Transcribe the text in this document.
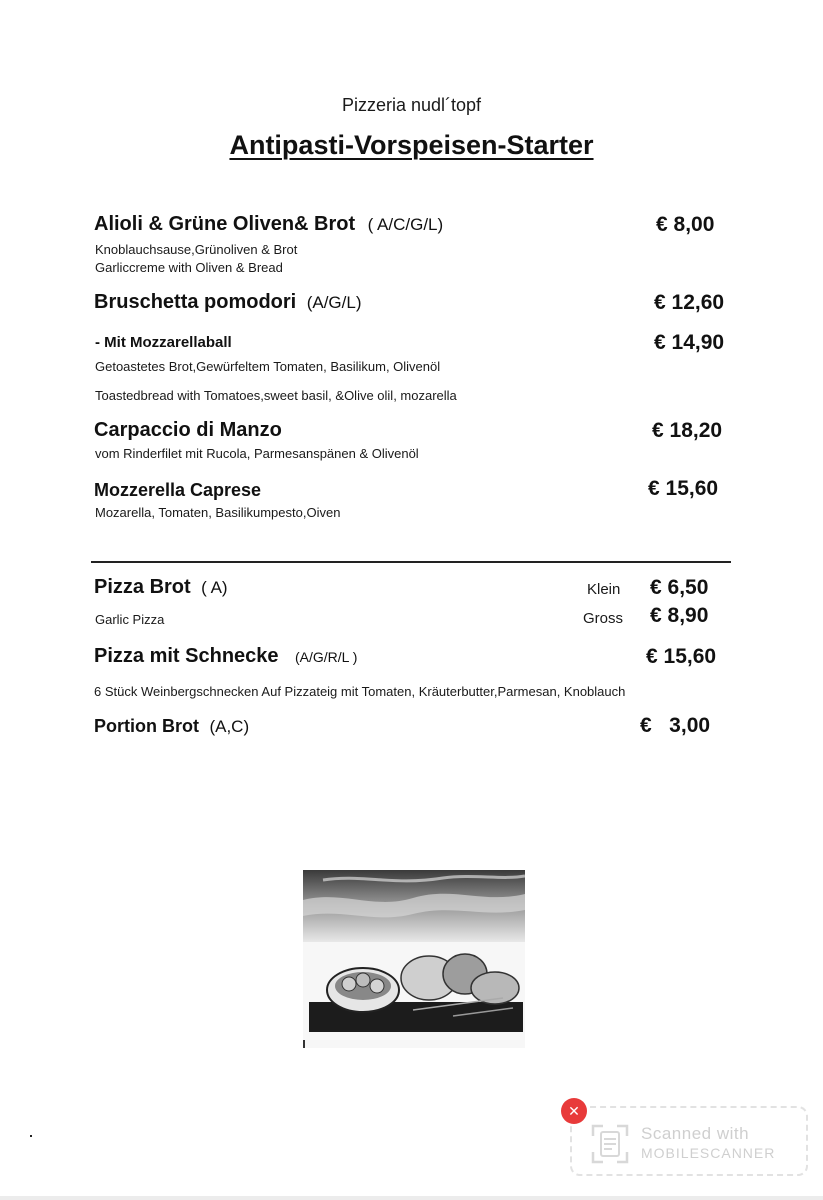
Pizzeria nudl´topf
Antipasti-Vorspeisen-Starter
Alioli & Grüne Oliven& Brot ( A/C/G/L)	€ 8,00
Knoblauchsause,Grünoliven & Brot
Garliccreme with Oliven & Bread
Bruschetta pomodori (A/G/L)	€ 12,60
- Mit Mozzarellaball	€ 14,90
Getoastetes Brot,Gewürfeltem Tomaten, Basilikum, Olivenöl
Toastedbread with Tomatoes,sweet basil, &Olive olil, mozarella
Carpaccio di Manzo	€ 18,20
vom Rinderfilet mit Rucola, Parmesanspänen & Olivenöl
Mozzerella Caprese	€ 15,60
Mozarella, Tomaten, Basilikumpesto,Oiven
Pizza Brot ( A)	Klein € 6,50
Garlic Pizza	Gross € 8,90
Pizza mit Schnecke (A/G/R/L )	€ 15,60
6 Stück Weinbergschnecken Auf Pizzateig mit Tomaten, Kräuterbutter,Parmesan, Knoblauch
Portion Brot (A,C)	€   3,00
✕
Scanned with
MOBILESCANNER
